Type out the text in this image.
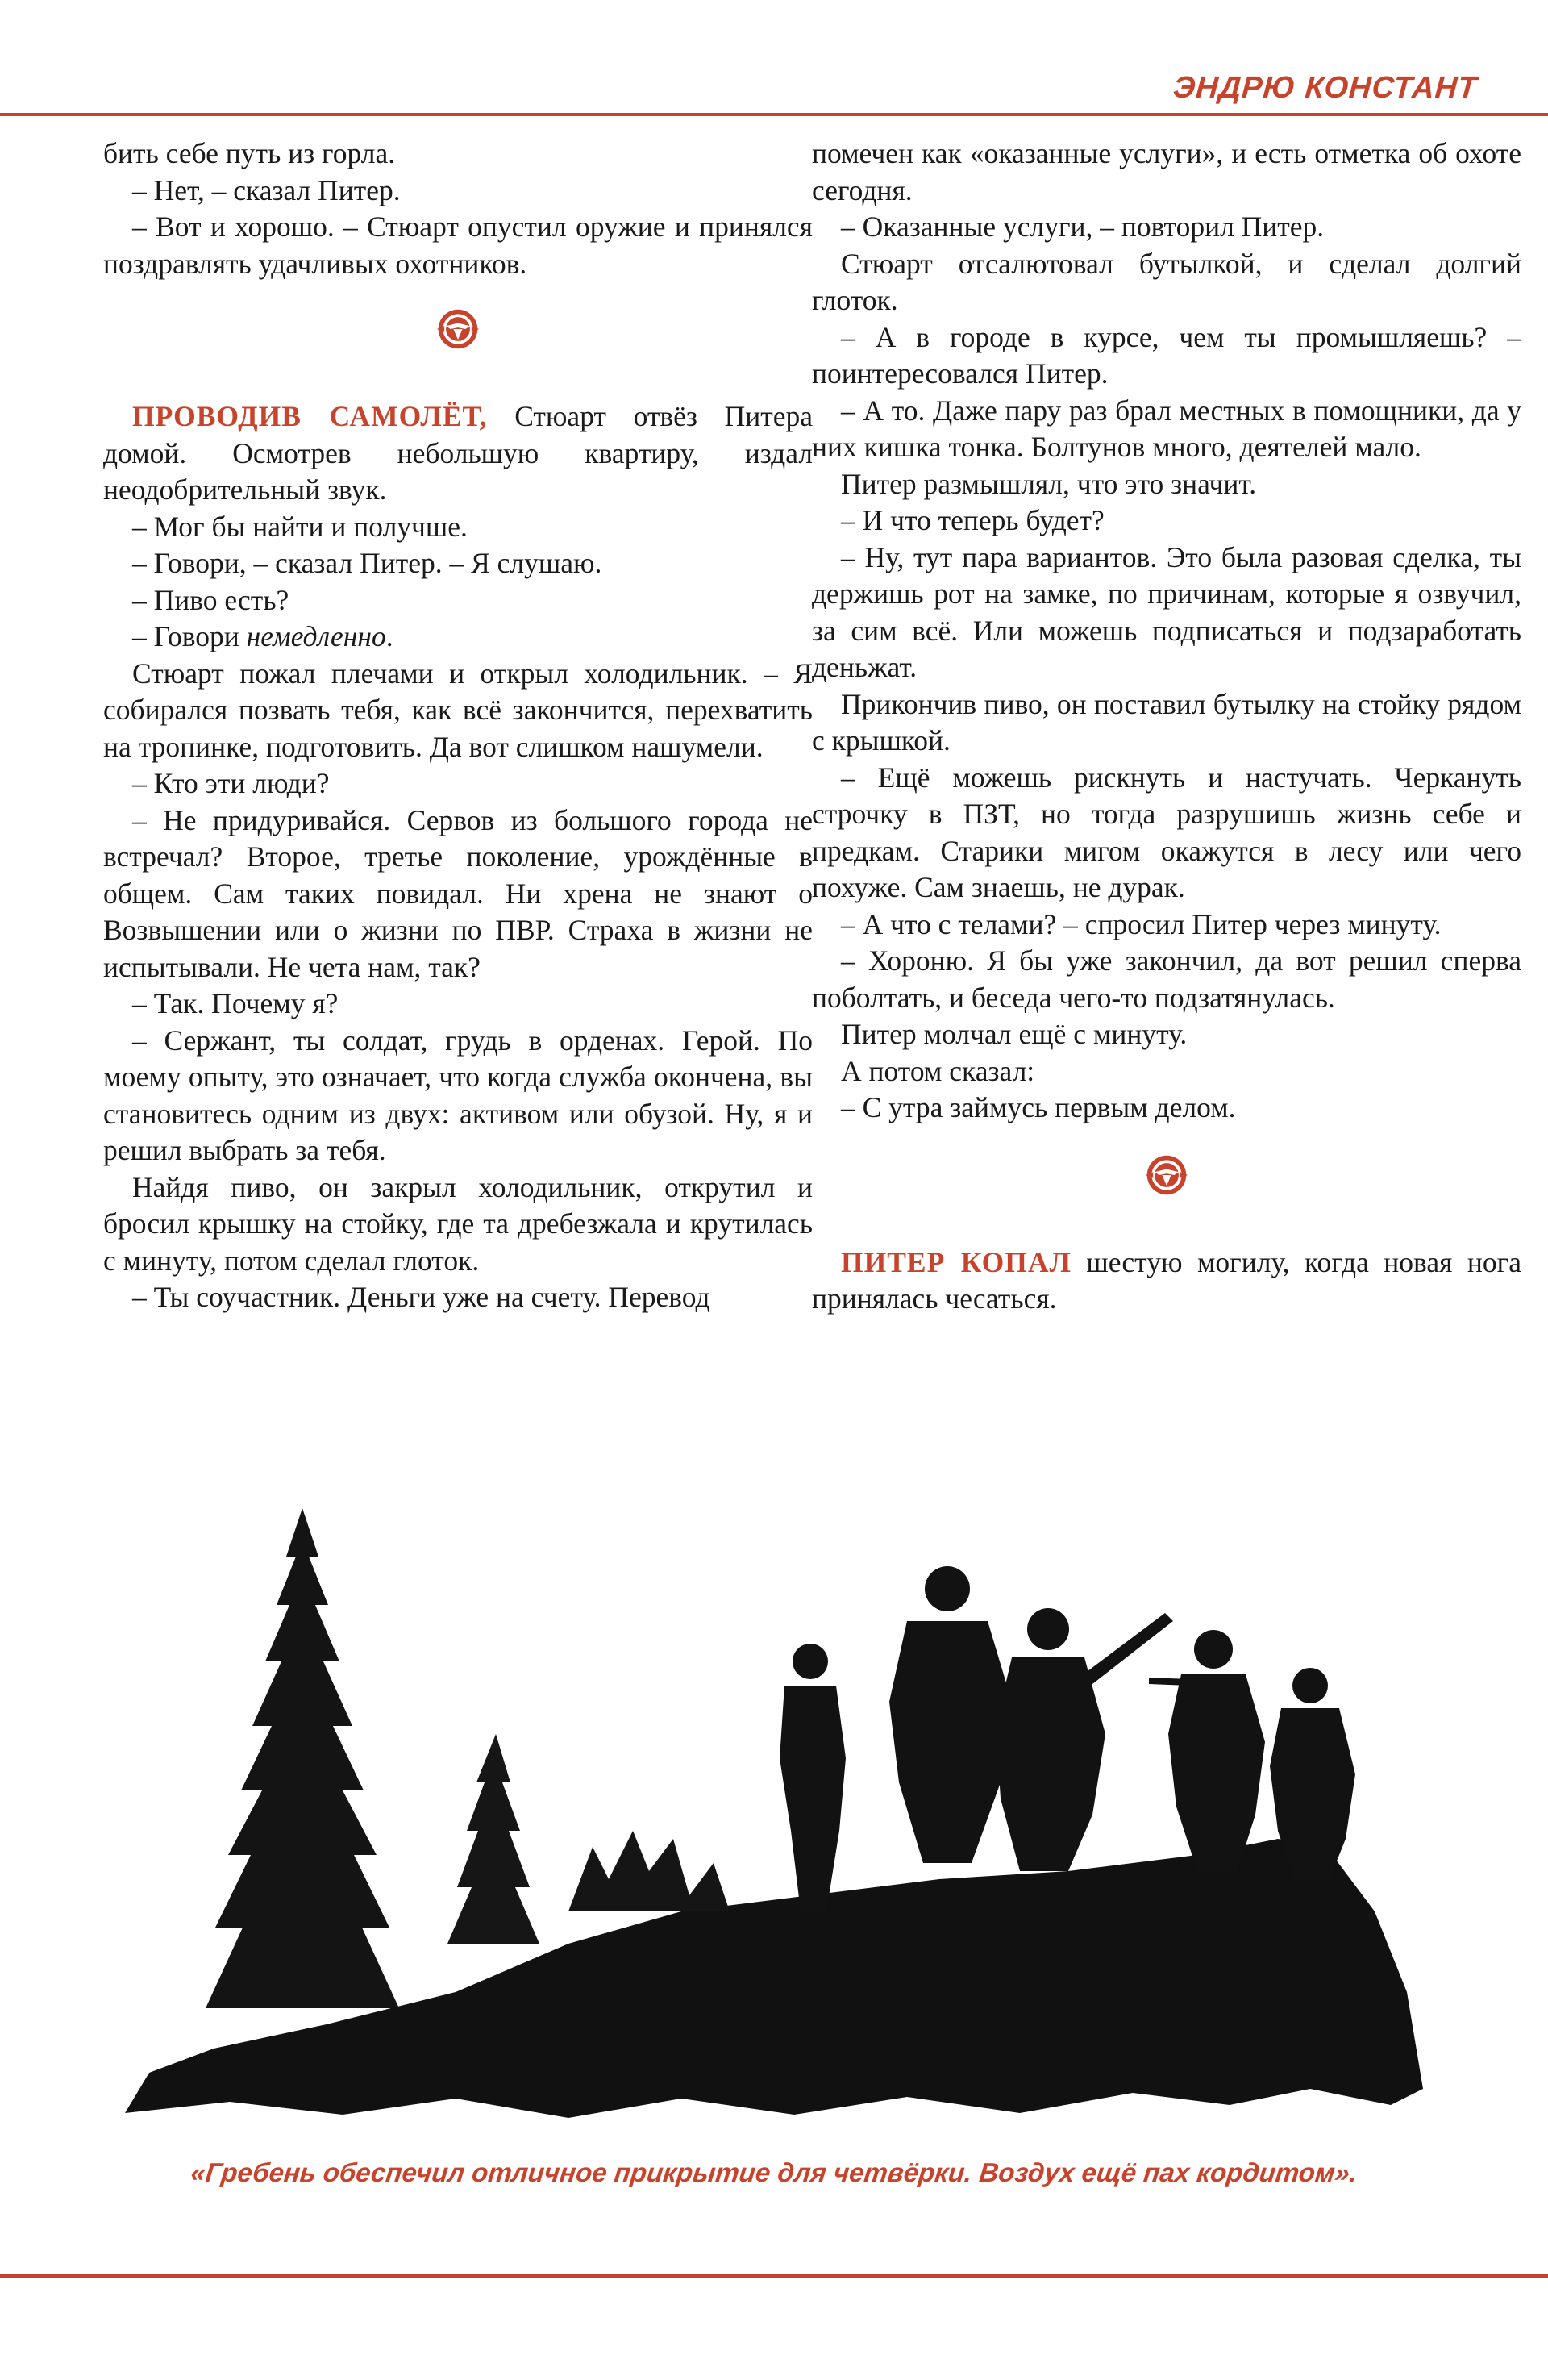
ЭНДРЮ КОНСТАНТ

бить себе путь из горла.

– Нет, – сказал Питер.

– Вот и хорошо. – Стюарт опустил оружие и принялся поздравлять удачливых охотников.

ПРОВОДИВ САМОЛЁТ, Стюарт отвёз Питера домой. Осмотрев небольшую квартиру, издал неодобрительный звук.

– Мог бы найти и получше.

– Говори, – сказал Питер. – Я слушаю.

– Пиво есть?

– Говори немедленно.

Стюарт пожал плечами и открыл холодильник. – Я собирался позвать тебя, как всё закончится, перехватить на тропинке, подготовить. Да вот слишком нашумели.

– Кто эти люди?

– Не придуривайся. Сервов из большого города не встречал? Второе, третье поколение, урождённые в общем. Сам таких повидал. Ни хрена не знают о Возвышении или о жизни по ПВР. Страха в жизни не испытывали. Не чета нам, так?

– Так. Почему я?

– Сержант, ты солдат, грудь в орденах. Герой. По моему опыту, это означает, что когда служба окончена, вы становитесь одним из двух: активом или обузой. Ну, я и решил выбрать за тебя.

Найдя пиво, он закрыл холодильник, открутил и бросил крышку на стойку, где та дребезжала и крутилась с минуту, потом сделал глоток.

– Ты соучастник. Деньги уже на счету. Перевод

помечен как «оказанные услуги», и есть отметка об охоте сегодня.

– Оказанные услуги, – повторил Питер.

Стюарт отсалютовал бутылкой, и сделал долгий глоток.

– А в городе в курсе, чем ты промышляешь? – поинтересовался Питер.

– А то. Даже пару раз брал местных в помощники, да у них кишка тонка. Болтунов много, деятелей мало.

Питер размышлял, что это значит.

– И что теперь будет?

– Ну, тут пара вариантов. Это была разовая сделка, ты держишь рот на замке, по причинам, которые я озвучил, за сим всё. Или можешь подписаться и подзаработать деньжат.

Прикончив пиво, он поставил бутылку на стойку рядом с крышкой.

– Ещё можешь рискнуть и настучать. Черкануть строчку в ПЗТ, но тогда разрушишь жизнь себе и предкам. Старики мигом окажутся в лесу или чего похуже. Сам знаешь, не дурак.

– А что с телами? – спросил Питер через минуту.

– Хороню. Я бы уже закончил, да вот решил сперва поболтать, и беседа чего-то подзатянулась.

Питер молчал ещё с минуту.

А потом сказал:

– С утра займусь первым делом.

ПИТЕР КОПАЛ шестую могилу, когда новая нога принялась чесаться.

«Гребень обеспечил отличное прикрытие для четвёрки. Воздух ещё пах кордитом».
